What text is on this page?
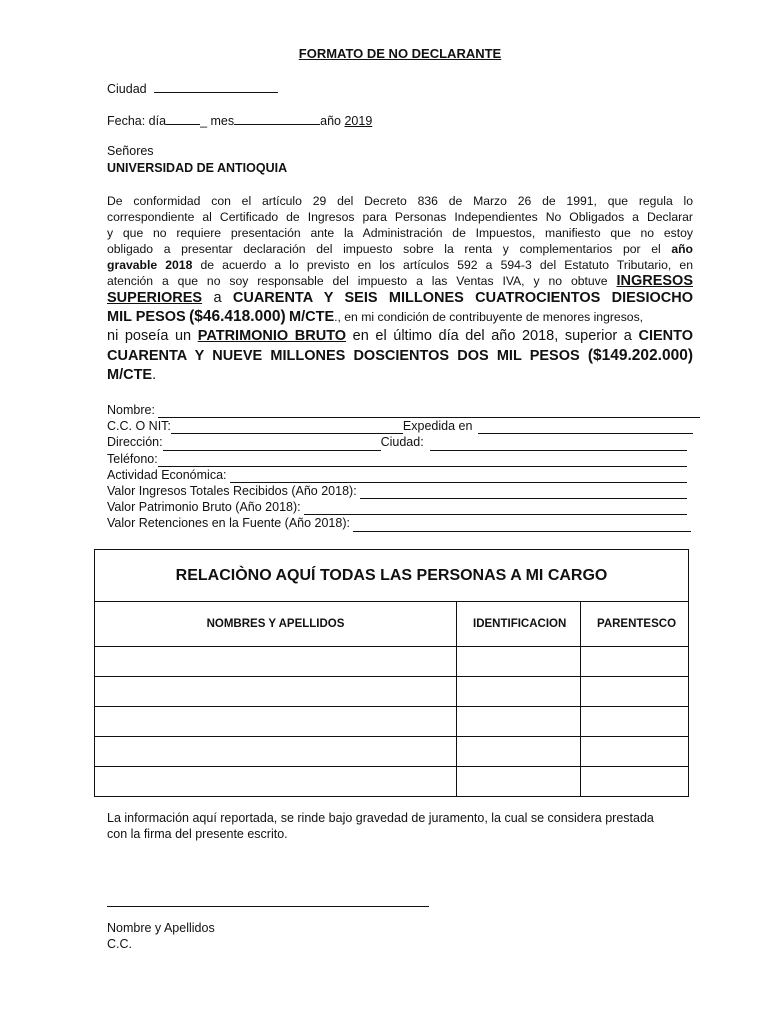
FORMATO DE NO DECLARANTE
Ciudad
Fecha: día	_ mes	año 2019
Señores
UNIVERSIDAD DE ANTIOQUIA
De conformidad con el artículo 29 del Decreto 836 de Marzo 26 de 1991, que regula lo
correspondiente al Certificado de Ingresos para Personas Independientes No Obligados a Declarar
y que no requiere presentación ante la Administración de Impuestos, manifiesto que no estoy
obligado a presentar declaración del impuesto sobre la renta y complementarios por el año
gravable 2018 de acuerdo a lo previsto en los artículos 592 a 594-3 del Estatuto Tributario, en
atención a que no soy responsable del impuesto a las Ventas IVA, y no obtuve INGRESOS
SUPERIORES a CUARENTA Y SEIS MILLONES CUATROCIENTOS DIESIOCHO
MIL PESOS ($46.418.000) M/CTE., en mi condición de contribuyente de menores ingresos,
ni poseía un PATRIMONIO BRUTO en el último día del año 2018, superior a CIENTO
CUARENTA Y NUEVE MILLONES DOSCIENTOS DOS MIL PESOS ($149.202.000)
M/CTE.
Nombre:
C.C. O NIT:	Expedida en
Dirección:	Ciudad:
Teléfono:
Actividad Económica:
Valor Ingresos Totales Recibidos (Año 2018):
Valor Patrimonio Bruto (Año 2018):
Valor Retenciones en la Fuente (Año 2018):
RELACIÒNO AQUÍ TODAS LAS PERSONAS A MI CARGO		
NOMBRES Y APELLIDOS	IDENTIFICACION	PARENTESCO

La información aquí reportada, se rinde bajo gravedad de juramento, la cual se considera prestada con la firma del presente escrito.
Nombre y Apellidos
C.C.
